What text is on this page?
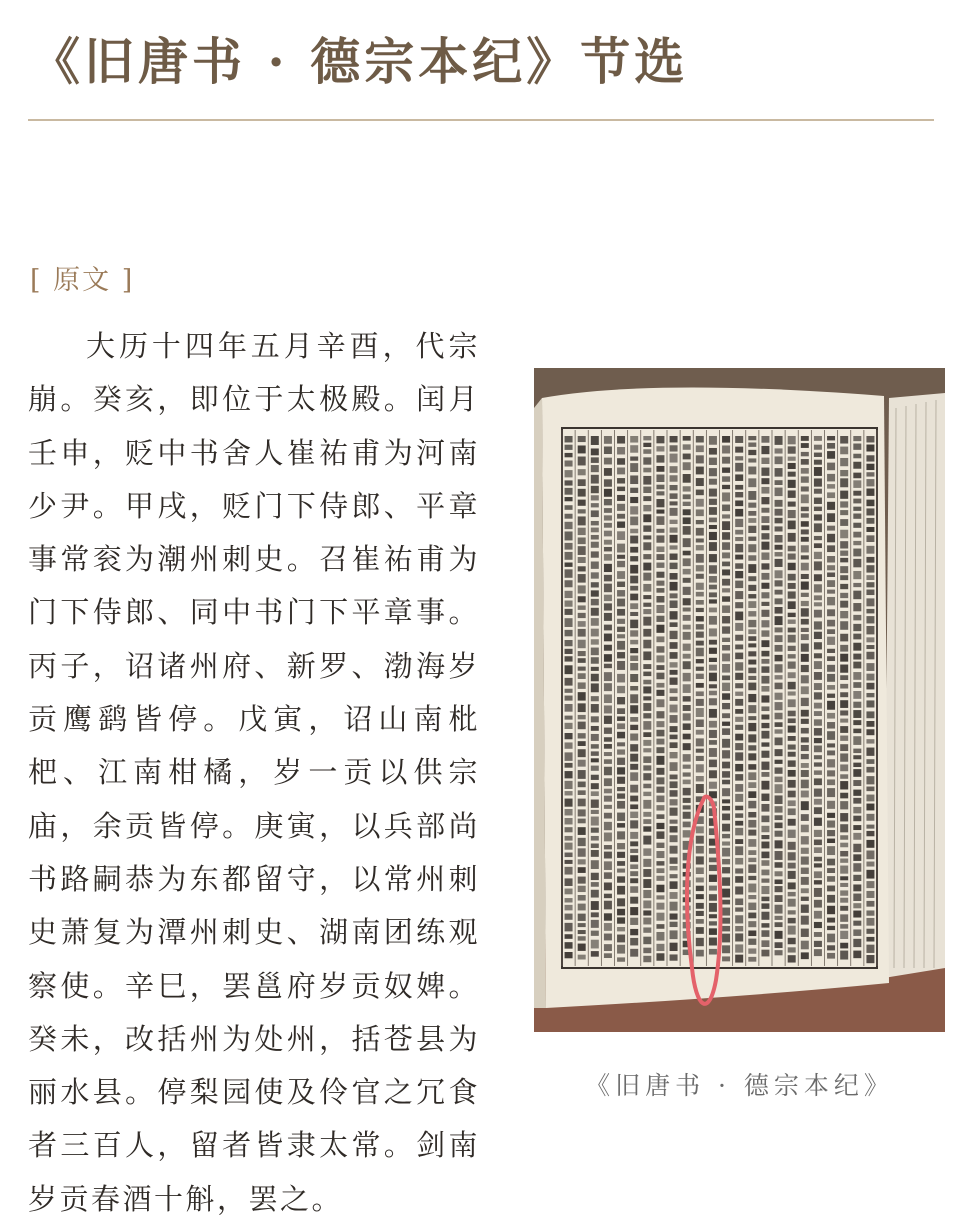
《旧唐书 · 德宗本纪》节选
[ 原文 ]
大历十四年五月辛酉，代宗崩。癸亥，即位于太极殿。闰月壬申，贬中书舍人崔祐甫为河南少尹。甲戌，贬门下侍郎、平章事常衮为潮州刺史。召崔祐甫为门下侍郎、同中书门下平章事。丙子，诏诸州府、新罗、渤海岁贡鹰鹞皆停。戊寅，诏山南枇杷、江南柑橘，岁一贡以供宗庙，余贡皆停。庚寅，以兵部尚书路嗣恭为东都留守，以常州刺史萧复为潭州刺史、湖南团练观察使。辛巳，罢邕府岁贡奴婢。癸未，改括州为处州，括苍县为丽水县。停梨园使及伶官之冗食者三百人，留者皆隶太常。剑南岁贡春酒十斛，罢之。
《旧唐书 · 德宗本纪》
